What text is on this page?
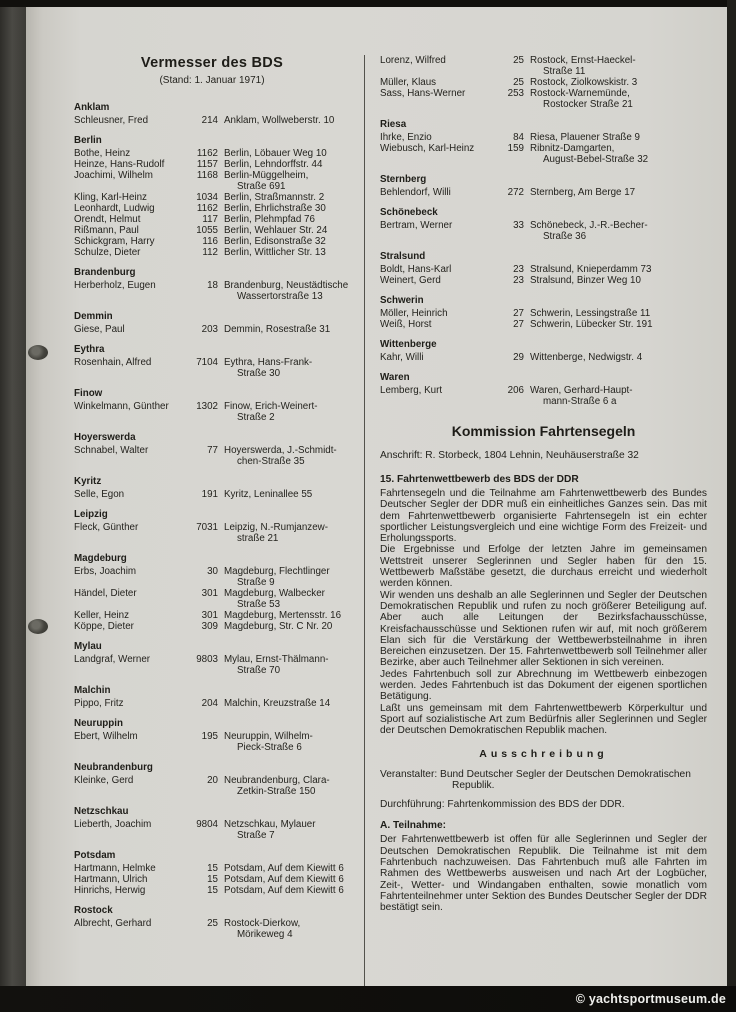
Vermesser des BDS
(Stand: 1. Januar 1971)
Anklam
Schleusner, Fred	214 Anklam, Wollweberstr. 10
Berlin
Bothe, Heinz	1162 Berlin, Löbauer Weg 10
Heinze, Hans-Rudolf	1157 Berlin, Lehndorffstr. 44
Joachimi, Wilhelm	1168 Berlin-Müggelheim,
Straße 691
Kling, Karl-Heinz	1034 Berlin, Straßmannstr. 2
Leonhardt, Ludwig	1162 Berlin, Ehrlichstraße 30
Orendt, Helmut	117 Berlin, Plehmpfad 76
Rißmann, Paul	1055 Berlin, Wehlauer Str. 24
Schickgram, Harry	116 Berlin, Edisonstraße 32
Schulze, Dieter	112 Berlin, Wittlicher Str. 13
Brandenburg
Herberholz, Eugen	18 Brandenburg, Neustädtische
Wassertorstraße 13
Demmin
Giese, Paul	203 Demmin, Rosestraße 31
Eythra
Rosenhain, Alfred	7104 Eythra, Hans-Frank-
Straße 30
Finow
Winkelmann, Günther	1302 Finow, Erich-Weinert-
Straße 2
Hoyerswerda
Schnabel, Walter	77 Hoyerswerda, J.-Schmidt-
chen-Straße 35
Kyritz
Selle, Egon	191 Kyritz, Leninallee 55
Leipzig
Fleck, Günther	7031 Leipzig, N.-Rumjanzew-
straße 21
Magdeburg
Erbs, Joachim	30 Magdeburg, Flechtlinger
Straße 9
Händel, Dieter	301 Magdeburg, Walbecker
Straße 53
Keller, Heinz	301 Magdeburg, Mertensstr. 16
Köppe, Dieter	309 Magdeburg, Str. C Nr. 20
Mylau
Landgraf, Werner	9803 Mylau, Ernst-Thälmann-
Straße 70
Malchin
Pippo, Fritz	204 Malchin, Kreuzstraße 14
Neuruppin
Ebert, Wilhelm	195 Neuruppin, Wilhelm-
Pieck-Straße 6
Neubrandenburg
Kleinke, Gerd	20 Neubrandenburg, Clara-
Zetkin-Straße 150
Netzschkau
Lieberth, Joachim	9804 Netzschkau, Mylauer
Straße 7
Potsdam
Hartmann, Helmke	15 Potsdam, Auf dem Kiewitt 6
Hartmann, Ulrich	15 Potsdam, Auf dem Kiewitt 6
Hinrichs, Herwig	15 Potsdam, Auf dem Kiewitt 6
Rostock
Albrecht, Gerhard	25 Rostock-Dierkow,
Mörikeweg 4
Lorenz, Wilfred	25 Rostock, Ernst-Haeckel-
Straße 11
Müller, Klaus	25 Rostock, Ziolkowskistr. 3
Sass, Hans-Werner	253 Rostock-Warnemünde,
Rostocker Straße 21
Riesa
Ihrke, Enzio	84 Riesa, Plauener Straße 9
Wiebusch, Karl-Heinz	159 Ribnitz-Damgarten,
August-Bebel-Straße 32
Sternberg
Behlendorf, Willi	272 Sternberg, Am Berge 17
Schönebeck
Bertram, Werner	33 Schönebeck, J.-R.-Becher-
Straße 36
Stralsund
Boldt, Hans-Karl	23 Stralsund, Knieperdamm 73
Weinert, Gerd	23 Stralsund, Binzer Weg 10
Schwerin
Möller, Heinrich	27 Schwerin, Lessingstraße 11
Weiß, Horst	27 Schwerin, Lübecker Str. 191
Wittenberge
Kahr, Willi	29 Wittenberge, Nedwigstr. 4
Waren
Lemberg, Kurt	206 Waren, Gerhard-Haupt-
mann-Straße 6 a
Kommission Fahrtensegeln
Anschrift: R. Storbeck, 1804 Lehnin, Neuhäuserstraße 32
15. Fahrtenwettbewerb des BDS der DDR

Fahrtensegeln und die Teilnahme am Fahrtenwettbewerb des Bundes Deutscher Segler der DDR muß ein einheitliches Ganzes sein. Das mit dem Fahrtenwettbewerb organisierte Fahrtensegeln ist ein echter sportlicher Leistungsvergleich und eine wichtige Form des Freizeit- und Erholungssports.

Die Ergebnisse und Erfolge der letzten Jahre im gemeinsamen Wettstreit unserer Seglerinnen und Segler haben für den 15. Wettbewerb Maßstäbe gesetzt, die durchaus erreicht und wiederholt werden können.

Wir wenden uns deshalb an alle Seglerinnen und Segler der Deutschen Demokratischen Republik und rufen zu noch größerer Beteiligung auf. Aber auch alle Leitungen der Bezirksfachausschüsse, Kreisfachausschüsse und Sektionen rufen wir auf, mit noch größerem Elan sich für die Verstärkung der Wettbewerbsteilnahme in ihren Bereichen einzusetzen. Der 15. Fahrtenwettbewerb soll Teilnehmer aller Bezirke, aber auch Teilnehmer aller Sektionen in sich vereinen.

Jedes Fahrtenbuch soll zur Abrechnung im Wettbewerb einbezogen werden. Jedes Fahrtenbuch ist das Dokument der eigenen sportlichen Betätigung.

Laßt uns gemeinsam mit dem Fahrtenwettbewerb Körperkultur und Sport auf sozialistische Art zum Bedürfnis aller Seglerinnen und Segler der Deutschen Demokratischen Republik machen.

Ausschreibung

Veranstalter: Bund Deutscher Segler der Deutschen Demokratischen Republik.

Durchführung: Fahrtenkommission des BDS der DDR.

A. Teilnahme:

Der Fahrtenwettbewerb ist offen für alle Seglerinnen und Segler der Deutschen Demokratischen Republik. Die Teilnahme ist mit dem Fahrtenbuch nachzuweisen. Das Fahrtenbuch muß alle Fahrten im Rahmen des Wettbewerbs ausweisen und nach Art der Logbücher, Zeit-, Wetter- und Windangaben enthalten, sowie monatlich vom Fahrtenteilnehmer unter Sektion des Bundes Deutscher Segler der DDR bestätigt sein.

© yachtsportmuseum.de
